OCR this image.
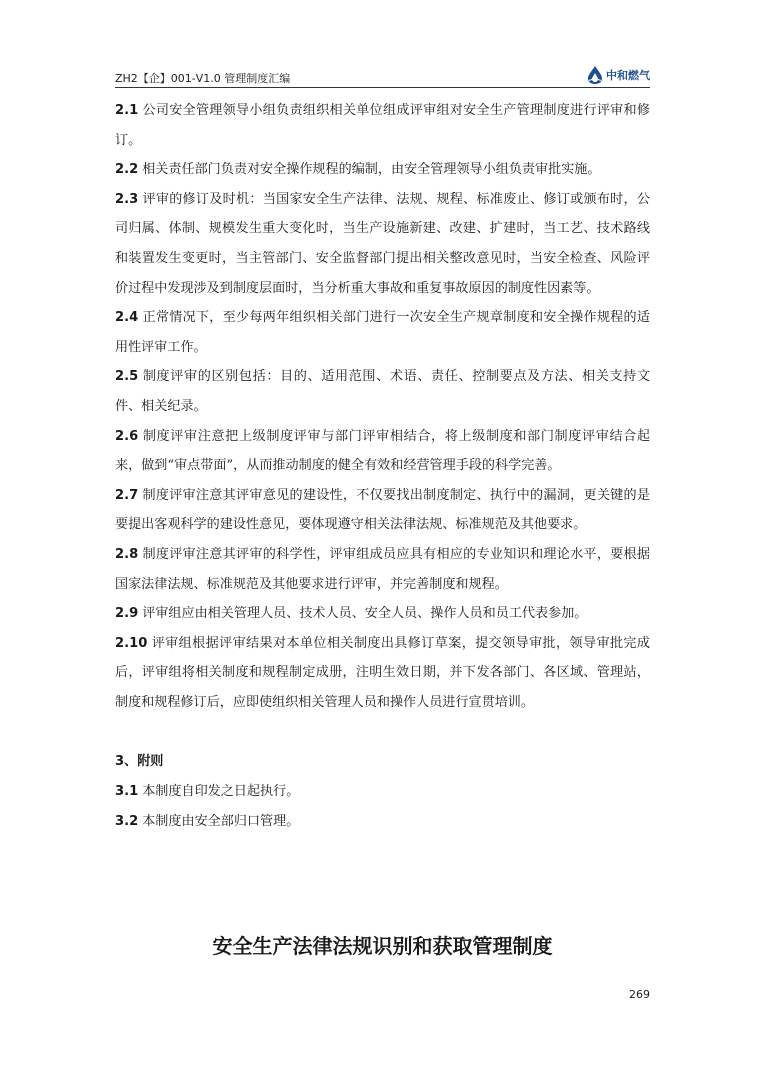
ZH2【企】001-V1.0 管理制度汇编	中和燃气

2.1 公司安全管理领导小组负责组织相关单位组成评审组对安全生产管理制度进行评审和修订。

2.2 相关责任部门负责对安全操作规程的编制，由安全管理领导小组负责审批实施。

2.3 评审的修订及时机：当国家安全生产法律、法规、规程、标准废止、修订或颁布时，公司归属、体制、规模发生重大变化时，当生产设施新建、改建、扩建时，当工艺、技术路线和装置发生变更时，当主管部门、安全监督部门提出相关整改意见时，当安全检查、风险评价过程中发现涉及到制度层面时，当分析重大事故和重复事故原因的制度性因素等。

2.4 正常情况下，至少每两年组织相关部门进行一次安全生产规章制度和安全操作规程的适用性评审工作。

2.5 制度评审的区别包括：目的、适用范围、术语、责任、控制要点及方法、相关支持文件、相关纪录。

2.6 制度评审注意把上级制度评审与部门评审相结合，将上级制度和部门制度评审结合起来，做到“审点带面”，从而推动制度的健全有效和经营管理手段的科学完善。

2.7 制度评审注意其评审意见的建设性，不仅要找出制度制定、执行中的漏洞，更关键的是要提出客观科学的建设性意见，要体现遵守相关法律法规、标准规范及其他要求。

2.8 制度评审注意其评审的科学性，评审组成员应具有相应的专业知识和理论水平，要根据国家法律法规、标准规范及其他要求进行评审，并完善制度和规程。

2.9 评审组应由相关管理人员、技术人员、安全人员、操作人员和员工代表参加。

2.10 评审组根据评审结果对本单位相关制度出具修订草案，提交领导审批，领导审批完成后，评审组将相关制度和规程制定成册，注明生效日期，并下发各部门、各区域、管理站，制度和规程修订后，应即使组织相关管理人员和操作人员进行宣贯培训。

3、附则

3.1 本制度自印发之日起执行。

3.2 本制度由安全部归口管理。

安全生产法律法规识别和获取管理制度
269
